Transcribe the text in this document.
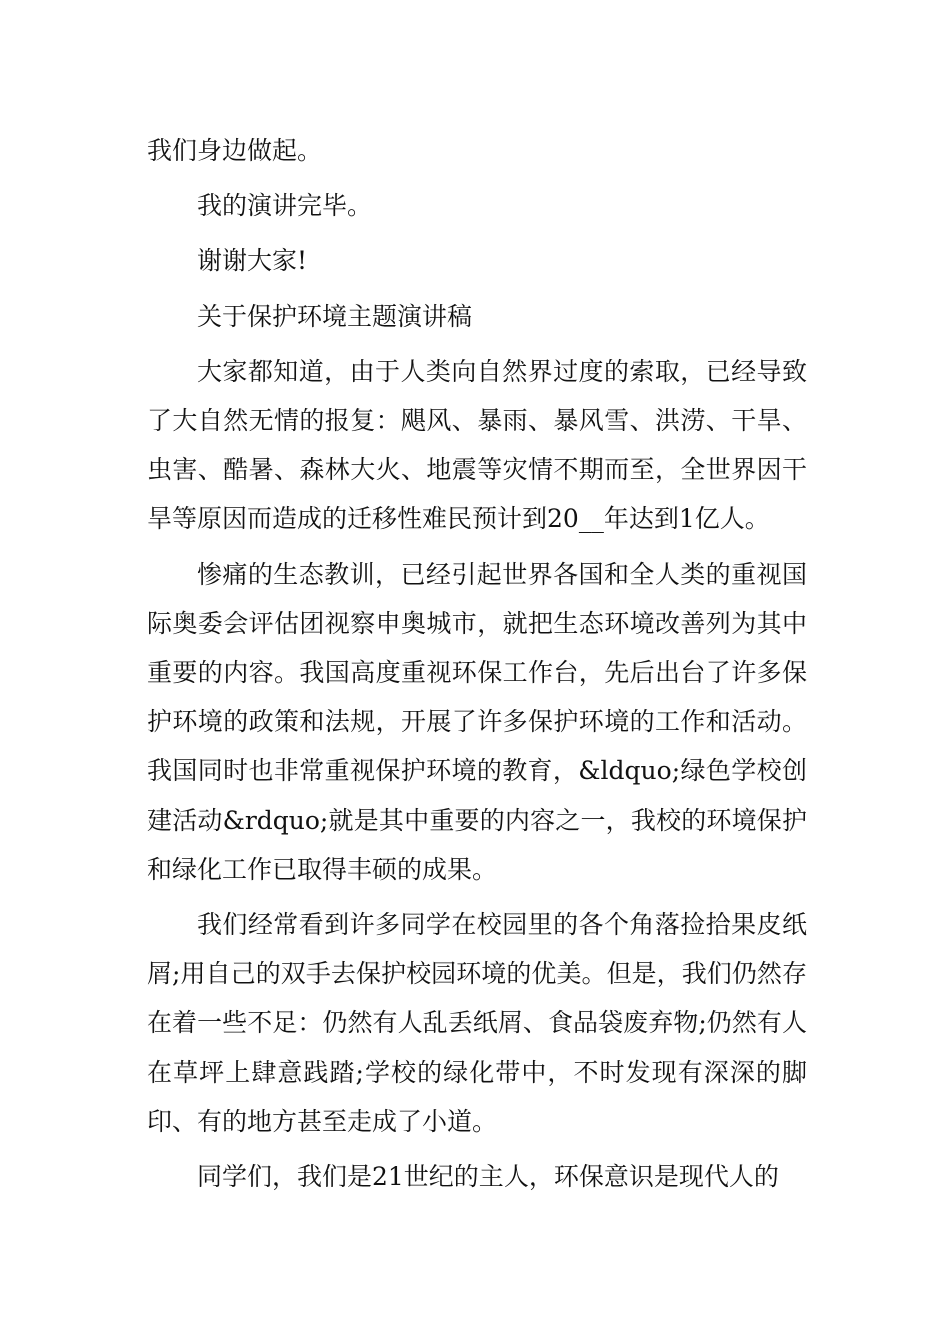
我们身边做起。

我的演讲完毕。

谢谢大家!

关于保护环境主题演讲稿

大家都知道，由于人类向自然界过度的索取，已经导致了大自然无情的报复：飓风、暴雨、暴风雪、洪涝、干旱、虫害、酷暑、森林大火、地震等灾情不期而至，全世界因干旱等原因而造成的迁移性难民预计到20__年达到1亿人。

惨痛的生态教训，已经引起世界各国和全人类的重视国际奥委会评估团视察申奥城市，就把生态环境改善列为其中重要的内容。我国高度重视环保工作台，先后出台了许多保护环境的政策和法规，开展了许多保护环境的工作和活动。 我国同时也非常重视保护环境的教育，&ldquo;绿色学校创建活动&rdquo;就是其中重要的内容之一，我校的环境保护和绿化工作已取得丰硕的成果。

我们经常看到许多同学在校园里的各个角落捡拾果皮纸屑;用自己的双手去保护校园环境的优美。但是，我们仍然存在着一些不足：仍然有人乱丢纸屑、食品袋废弃物;仍然有人在草坪上肆意践踏;学校的绿化带中，不时发现有深深的脚印、有的地方甚至走成了小道。

同学们，我们是21世纪的主人，环保意识是现代人的
